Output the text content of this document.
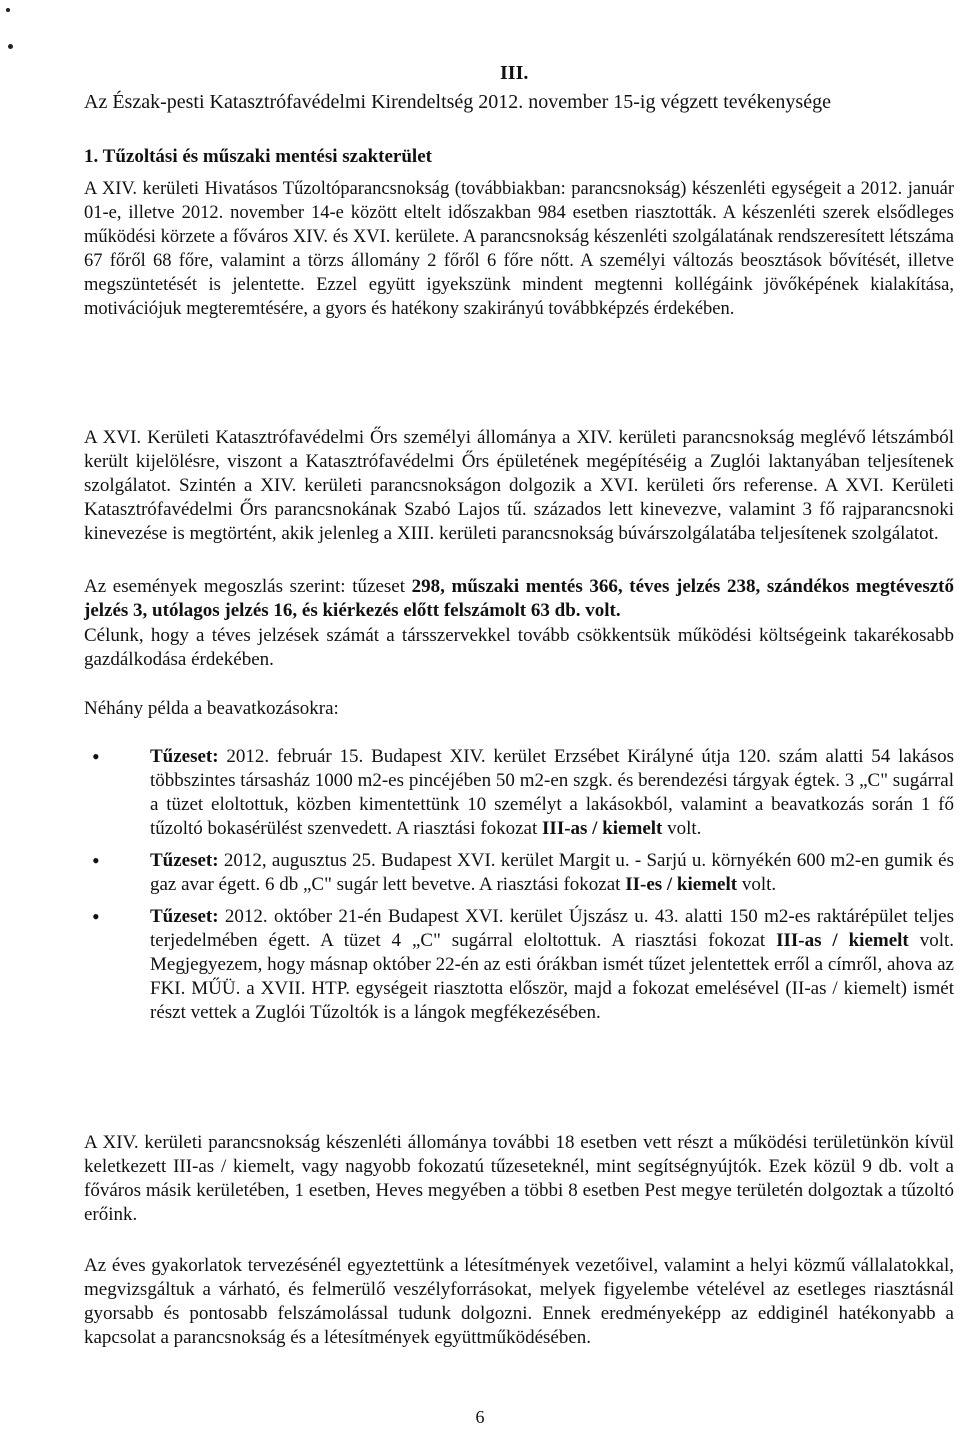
III.
Az Észak-pesti Katasztrófavédelmi Kirendeltség 2012. november 15-ig végzett tevékenysége
1. Tűzoltási és műszaki mentési szakterület

A XIV. kerületi Hivatásos Tűzoltóparancsnokság (továbbiakban: parancsnokság) készenléti egységeit a 2012. január 01-e, illetve 2012. november 14-e között eltelt időszakban 984 esetben riasztották. A készenléti szerek elsődleges működési körzete a főváros XIV. és XVI. kerülete. A parancsnokság készenléti szolgálatának rendszeresített létszáma 67 főről 68 főre, valamint a törzs állomány 2 főről 6 főre nőtt. A személyi változás beosztások bővítését, illetve megszüntetését is jelentette. Ezzel együtt igyekszünk mindent megtenni kollégáink jövőképének kialakítása, motivációjuk megteremtésére, a gyors és hatékony szakirányú továbbképzés érdekében.

A XVI. Kerületi Katasztrófavédelmi Őrs személyi állománya a XIV. kerületi parancsnokság meglévő létszámból került kijelölésre, viszont a Katasztrófavédelmi Őrs épületének megépítéséig a Zuglói laktanyában teljesítenek szolgálatot. Szintén a XIV. kerületi parancsnokságon dolgozik a XVI. kerületi őrs referense. A XVI. Kerületi Katasztrófavédelmi Őrs parancsnokának Szabó Lajos tű. százados lett kinevezve, valamint 3 fő rajparancsnoki kinevezése is megtörtént, akik jelenleg a XIII. kerületi parancsnokság búvárszolgálatába teljesítenek szolgálatot.

Az események megoszlás szerint: tűzeset 298, műszaki mentés 366, téves jelzés 238, szándékos megtévesztő jelzés 3, utólagos jelzés 16, és kiérkezés előtt felszámolt 63 db. volt.

Célunk, hogy a téves jelzések számát a társszervekkel tovább csökkentsük működési költségeink takarékosabb gazdálkodása érdekében.

Néhány példa a beavatkozásokra:

• Tűzeset: 2012. február 15. Budapest XIV. kerület Erzsébet Királyné útja 120. szám alatti 54 lakásos többszintes társasház 1000 m2-es pincéjében 50 m2-en szgk. és berendezési tárgyak égtek. 3 „C" sugárral a tüzet eloltottuk, közben kimentettünk 10 személyt a lakásokból, valamint a beavatkozás során 1 fő tűzoltó bokasérülést szenvedett. A riasztási fokozat III-as / kiemelt volt.
• Tűzeset: 2012, augusztus 25. Budapest XVI. kerület Margit u. - Sarjú u. környékén 600 m2-en gumik és gaz avar égett. 6 db „C" sugár lett bevetve. A riasztási fokozat II-es / kiemelt volt.
• Tűzeset: 2012. október 21-én Budapest XVI. kerület Újszász u. 43. alatti 150 m2-es raktárépület teljes terjedelmében égett. A tüzet 4 „C" sugárral eloltottuk. A riasztási fokozat III-as / kiemelt volt. Megjegyezem, hogy másnap október 22-én az esti órákban ismét tűzet jelentettek erről a címről, ahova az FKI. MŰÜ. a XVII. HTP. egységeit riasztotta először, majd a fokozat emelésével (II-as / kiemelt) ismét részt vettek a Zuglói Tűzoltók is a lángok megfékezésében.

A XIV. kerületi parancsnokság készenléti állománya további 18 esetben vett részt a működési területünkön kívül keletkezett III-as / kiemelt, vagy nagyobb fokozatú tűzeseteknél, mint segítségnyújtók. Ezek közül 9 db. volt a főváros másik kerületében, 1 esetben, Heves megyében a többi 8 esetben Pest megye területén dolgoztak a tűzoltó erőink.

Az éves gyakorlatok tervezésénél egyeztettünk a létesítmények vezetőivel, valamint a helyi közmű vállalatokkal, megvizsgáltuk a várható, és felmerülő veszélyforrásokat, melyek figyelembe vételével az esetleges riasztásnál gyorsabb és pontosabb felszámolással tudunk dolgozni. Ennek eredményeképp az eddiginél hatékonyabb a kapcsolat a parancsnokság és a létesítmények együttműködésében.

6
